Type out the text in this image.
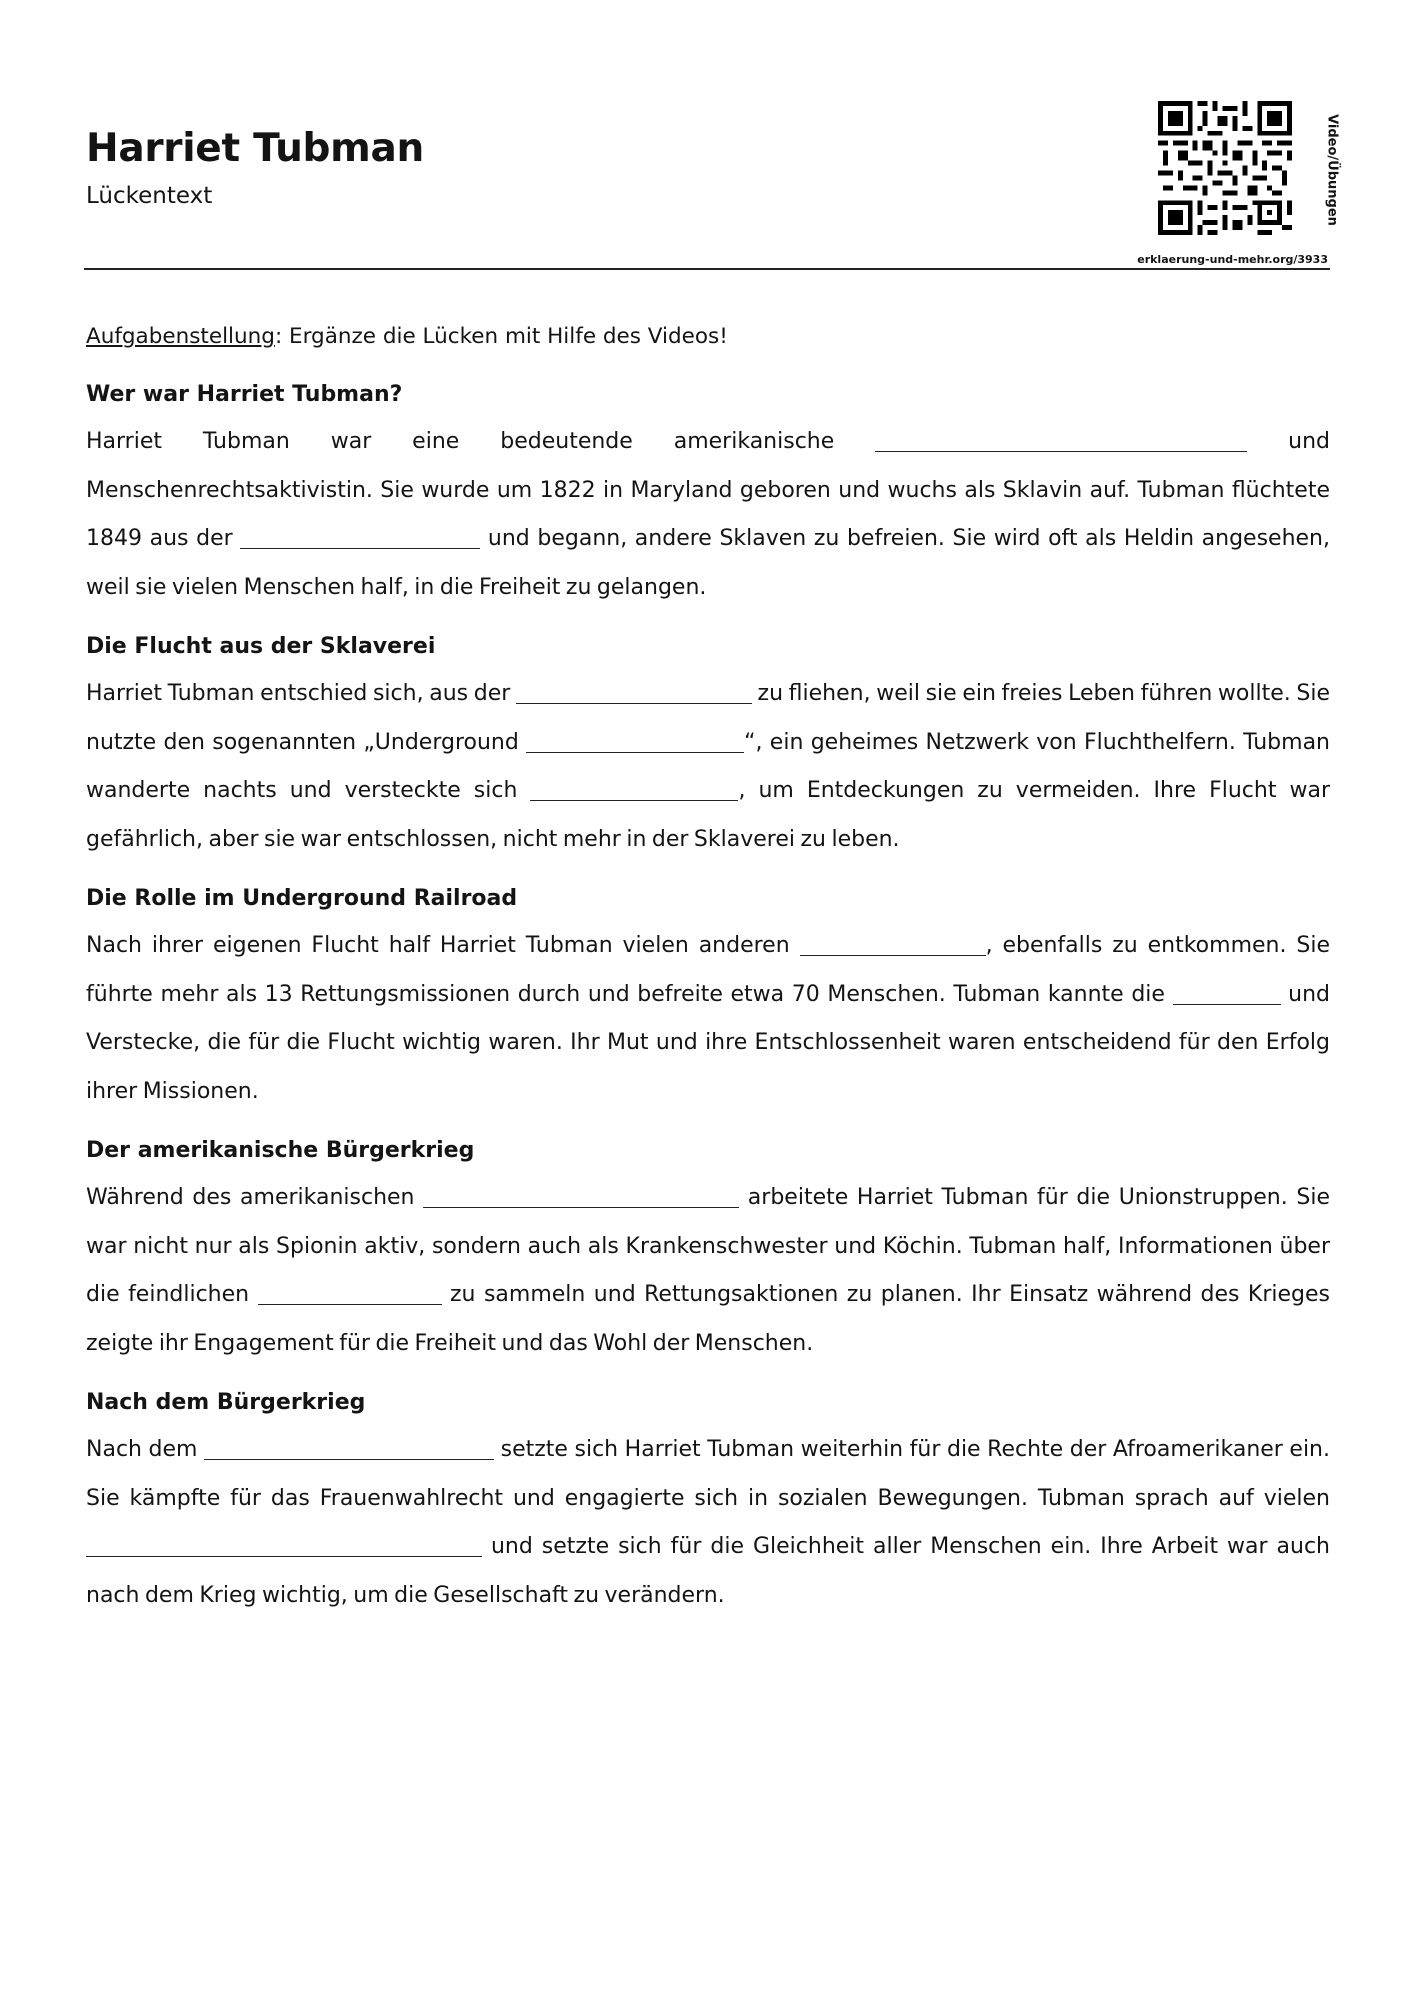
Harriet Tubman
Lückentext	Video/Übungen
erklaerung-und-mehr.org/3933
Aufgabenstellung: Ergänze die Lücken mit Hilfe des Videos!
Wer war Harriet Tubman?

Harriet Tubman war eine bedeutende amerikanische	und Menschenrechtsaktivistin. Sie wurde um 1822 in Maryland geboren und wuchs als Sklavin auf. Tubman flüchtete 1849 aus der	und begann, andere Sklaven zu befreien. Sie wird oft als Heldin angesehen, weil sie vielen Menschen half, in die Freiheit zu gelangen.

Die Flucht aus der Sklaverei

Harriet Tubman entschied sich, aus der	zu fliehen, weil sie ein freies Leben führen wollte. Sie nutzte den sogenannten „Underground	“, ein geheimes Netzwerk von Fluchthelfern. Tubman wanderte nachts und versteckte sich	, um Entdeckungen zu vermeiden. Ihre Flucht war gefährlich, aber sie war entschlossen, nicht mehr in der Sklaverei zu leben.

Die Rolle im Underground Railroad

Nach ihrer eigenen Flucht half Harriet Tubman vielen anderen	, ebenfalls zu entkommen. Sie führte mehr als 13 Rettungsmissionen durch und befreite etwa 70 Menschen. Tubman kannte die	und Verstecke, die für die Flucht wichtig waren. Ihr Mut und ihre Entschlossenheit waren entscheidend für den Erfolg ihrer Missionen.

Der amerikanische Bürgerkrieg

Während des amerikanischen	arbeitete Harriet Tubman für die Unionstruppen. Sie war nicht nur als Spionin aktiv, sondern auch als Krankenschwester und Köchin. Tubman half, Informationen über die feindlichen	zu sammeln und Rettungsaktionen zu planen. Ihr Einsatz während des Krieges zeigte ihr Engagement für die Freiheit und das Wohl der Menschen.

Nach dem Bürgerkrieg

Nach dem	setzte sich Harriet Tubman weiterhin für die Rechte der Afroamerikaner ein. Sie kämpfte für das Frauenwahlrecht und engagierte sich in sozialen Bewegungen. Tubman sprach auf vielen  und setzte sich für die Gleichheit aller Menschen ein. Ihre Arbeit war auch nach dem Krieg wichtig, um die Gesellschaft zu verändern.
